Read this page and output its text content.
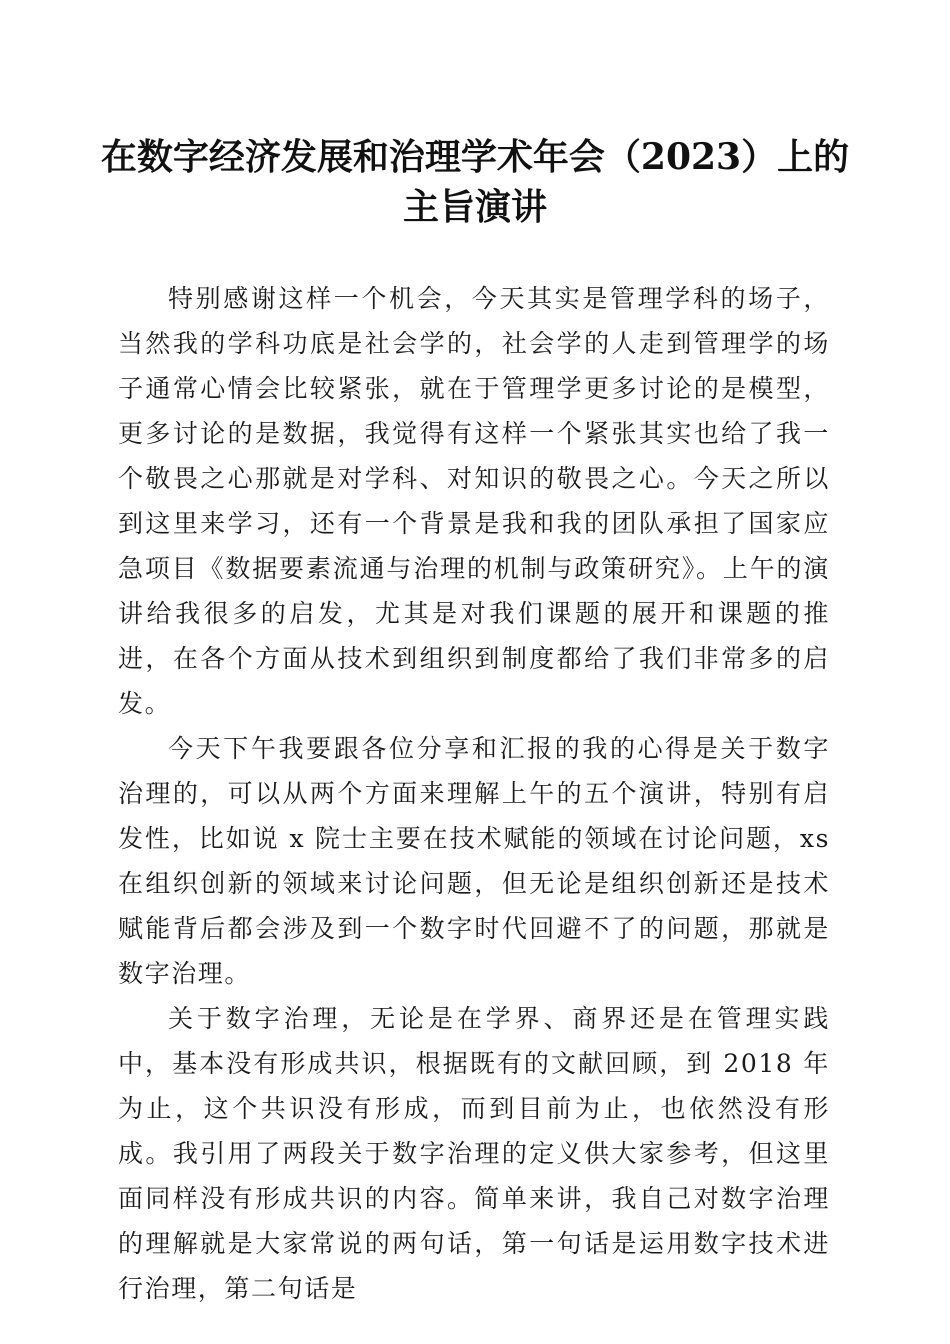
在数字经济发展和治理学术年会（2023）上的
主旨演讲

特别感谢这样一个机会，今天其实是管理学科的场子，当然我的学科功底是社会学的，社会学的人走到管理学的场子通常心情会比较紧张，就在于管理学更多讨论的是模型，更多讨论的是数据，我觉得有这样一个紧张其实也给了我一个敬畏之心那就是对学科、对知识的敬畏之心。今天之所以到这里来学习，还有一个背景是我和我的团队承担了国家应急项目《数据要素流通与治理的机制与政策研究》。上午的演讲给我很多的启发，尤其是对我们课题的展开和课题的推进，在各个方面从技术到组织到制度都给了我们非常多的启发。

今天下午我要跟各位分享和汇报的我的心得是关于数字治理的，可以从两个方面来理解上午的五个演讲，特别有启发性，比如说 x 院士主要在技术赋能的领域在讨论问题，xs 在组织创新的领域来讨论问题，但无论是组织创新还是技术赋能背后都会涉及到一个数字时代回避不了的问题，那就是数字治理。

关于数字治理，无论是在学界、商界还是在管理实践中，基本没有形成共识，根据既有的文献回顾，到 2018 年为止，这个共识没有形成，而到目前为止，也依然没有形成。我引用了两段关于数字治理的定义供大家参考，但这里面同样没有形成共识的内容。简单来讲，我自己对数字治理的理解就是大家常说的两句话，第一句话是运用数字技术进行治理，第二句话是
